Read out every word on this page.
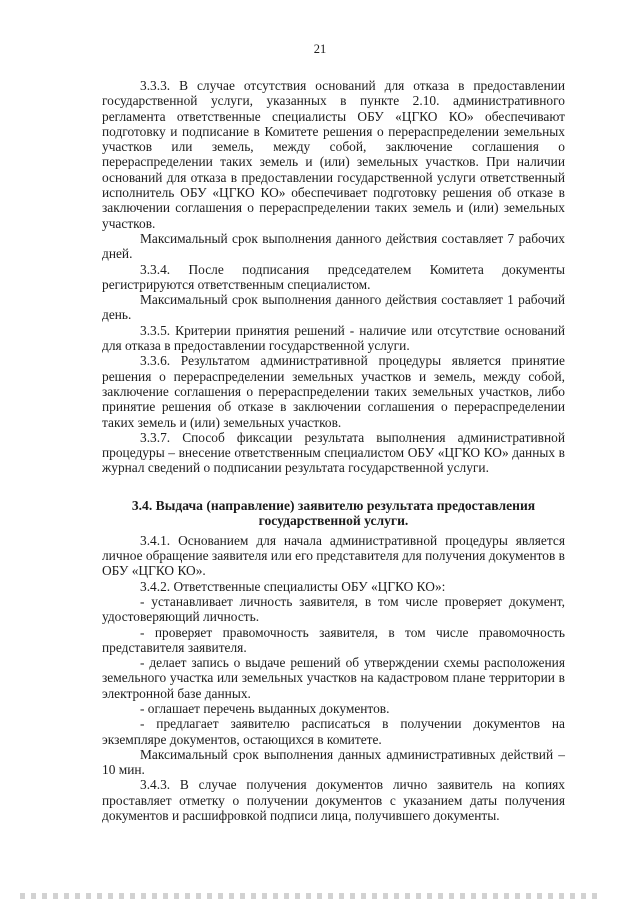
21

3.3.3. В случае отсутствия оснований для отказа в предоставлении государственной услуги, указанных в пункте 2.10. административного регламента ответственные специалисты ОБУ «ЦГКО КО» обеспечивают подготовку и подписание в Комитете решения о перераспределении земельных участков или земель, между собой, заключение соглашения о перераспределении таких земель и (или) земельных участков. При наличии оснований для отказа в предоставлении государственной услуги ответственный исполнитель ОБУ «ЦГКО КО» обеспечивает подготовку решения об отказе в заключении соглашения о перераспределении таких земель и (или) земельных участков.

Максимальный срок выполнения данного действия составляет 7 рабочих дней.

3.3.4. После подписания председателем Комитета документы регистрируются ответственным специалистом.

Максимальный срок выполнения данного действия составляет 1 рабочий день.

3.3.5. Критерии принятия решений - наличие или отсутствие оснований для отказа в предоставлении государственной услуги.

3.3.6. Результатом административной процедуры является принятие решения о перераспределении земельных участков и земель, между собой, заключение соглашения о перераспределении таких земельных участков, либо принятие решения об отказе в заключении соглашения о перераспределении таких земель и (или) земельных участков.

3.3.7. Способ фиксации результата выполнения административной процедуры – внесение ответственным специалистом ОБУ «ЦГКО КО» данных в журнал сведений о подписании результата государственной услуги.

3.4. Выдача (направление) заявителю результата предоставления государственной услуги.

3.4.1. Основанием для начала административной процедуры является личное обращение заявителя или его представителя для получения документов в ОБУ «ЦГКО КО».

3.4.2. Ответственные специалисты ОБУ «ЦГКО КО»:

- устанавливает личность заявителя, в том числе проверяет документ, удостоверяющий личность.

- проверяет правомочность заявителя, в том числе правомочность представителя заявителя.

- делает запись о выдаче решений об утверждении схемы расположения земельного участка или земельных участков на кадастровом плане территории в электронной базе данных.

- оглашает перечень выданных документов.

- предлагает заявителю расписаться в получении документов на экземпляре документов, остающихся в комитете.

Максимальный срок выполнения данных административных действий – 10 мин.

3.4.3. В случае получения документов лично заявитель на копиях проставляет отметку о получении документов с указанием даты получения документов и расшифровкой подписи лица, получившего документы.
